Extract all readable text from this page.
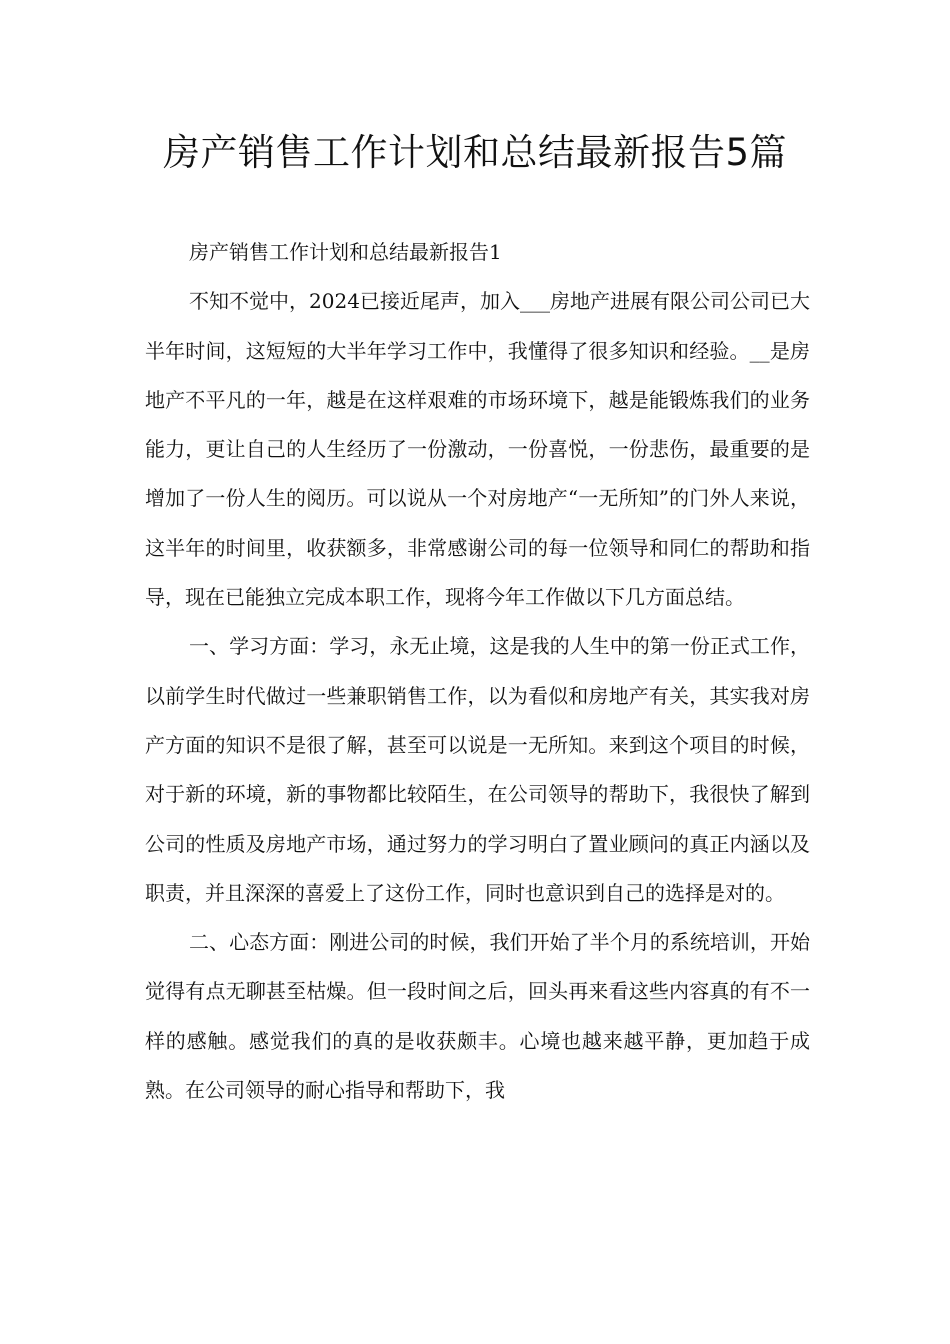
房产销售工作计划和总结最新报告5篇

房产销售工作计划和总结最新报告1

不知不觉中，2024已接近尾声，加入___房地产进展有限公司公司已大半年时间，这短短的大半年学习工作中，我懂得了很多知识和经验。__是房地产不平凡的一年，越是在这样艰难的市场环境下，越是能锻炼我们的业务能力，更让自己的人生经历了一份激动，一份喜悦，一份悲伤，最重要的是增加了一份人生的阅历。可以说从一个对房地产“一无所知”的门外人来说，这半年的时间里，收获额多，非常感谢公司的每一位领导和同仁的帮助和指导，现在已能独立完成本职工作，现将今年工作做以下几方面总结。

一、学习方面：学习，永无止境，这是我的人生中的第一份正式工作，以前学生时代做过一些兼职销售工作，以为看似和房地产有关，其实我对房产方面的知识不是很了解，甚至可以说是一无所知。来到这个项目的时候，对于新的环境，新的事物都比较陌生，在公司领导的帮助下，我很快了解到公司的性质及房地产市场，通过努力的学习明白了置业顾问的真正内涵以及职责，并且深深的喜爱上了这份工作，同时也意识到自己的选择是对的。

二、心态方面：刚进公司的时候，我们开始了半个月的系统培训，开始觉得有点无聊甚至枯燥。但一段时间之后，回头再来看这些内容真的有不一样的感触。感觉我们的真的是收获颇丰。心境也越来越平静，更加趋于成熟。在公司领导的耐心指导和帮助下，我
